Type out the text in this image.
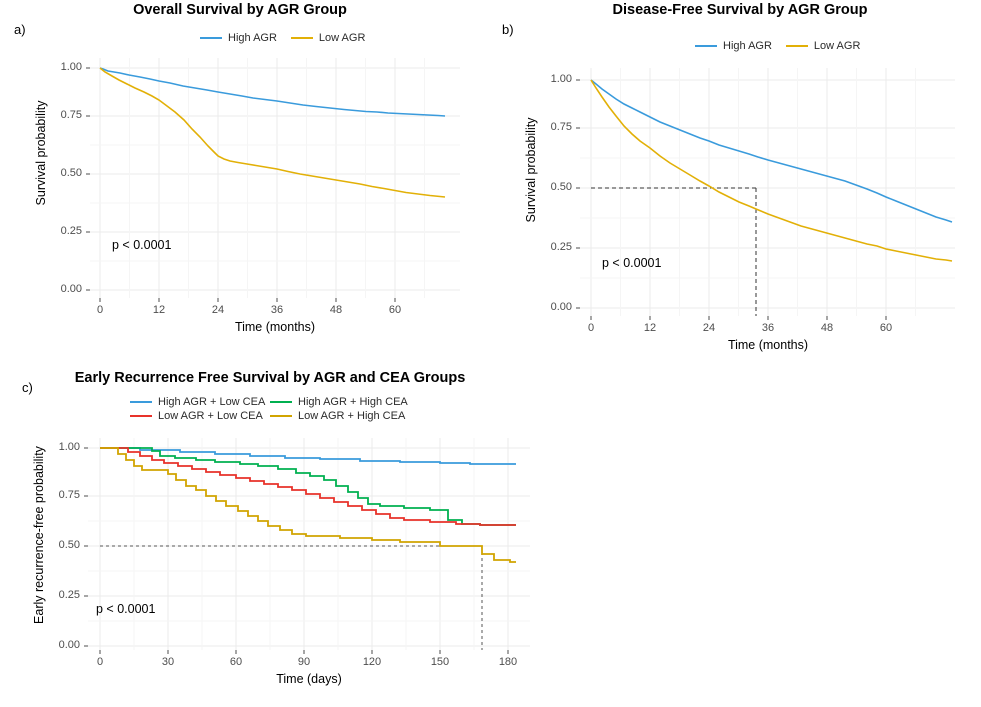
a)
Overall Survival by AGR Group
High AGR	Low AGR
0.00
0.25
0.50
0.75
1.00
0	12	24	36	48	60
Time (months)
Survival probability
p < 0.0001
b)
Disease-Free Survival by AGR Group
High AGR	Low AGR
0.00
0.25
0.50
0.75
1.00
0	12	24	36	48	60
Time (months)
Survival probability
p < 0.0001
c)
Early Recurrence Free Survival by AGR and CEA Groups
High AGR + Low CEA	High AGR + High CEA
Low AGR + Low CEA	Low AGR + High CEA
0.00
0.25
0.50
0.75
1.00
0	30	60	90	120	150	180
Time (days)
Early recurrence-free probability	p < 0.0001
